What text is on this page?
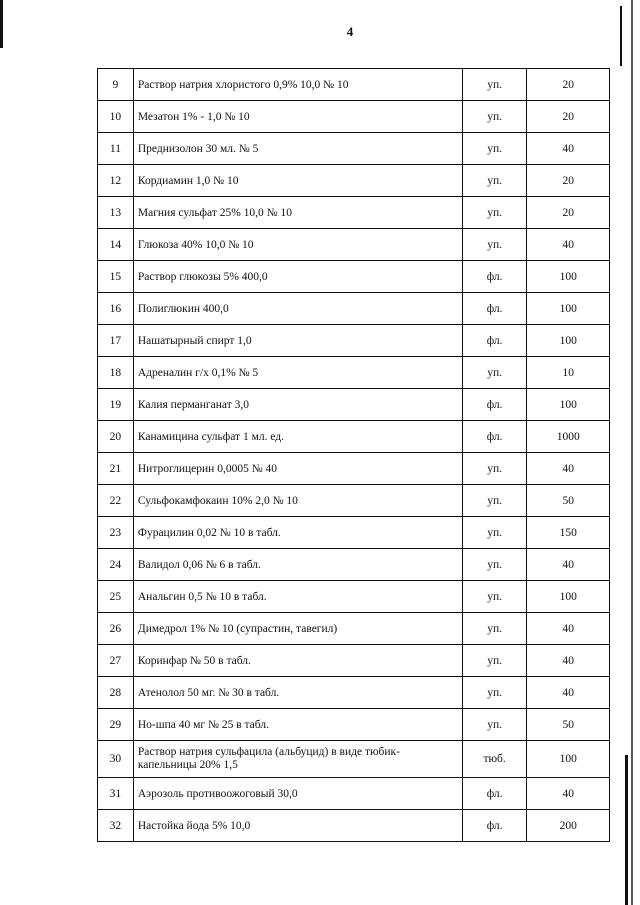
4
9	Раствор натрия хлористого 0,9% 10,0 № 10	уп.	20
10	Мезатон 1% - 1,0 № 10	уп.	20
11	Преднизолон 30 мл. № 5	уп.	40
12	Кордиамин 1,0 № 10	уп.	20
13	Магния сульфат 25% 10,0 № 10	уп.	20
14	Глюкоза 40% 10,0 № 10	уп.	40
15	Раствор глюкозы 5% 400,0	фл.	100
16	Полиглюкин 400,0	фл.	100
17	Нашатырный спирт 1,0	фл.	100
18	Адреналин г/х 0,1% № 5	уп.	10
19	Калия перманганат 3,0	фл.	100
20	Канамицина сульфат 1 мл. ед.	фл.	1000
21	Нитроглицерин 0,0005 № 40	уп.	40
22	Сульфокамфокаин 10% 2,0 № 10	уп.	50
23	Фурацилин 0,02 № 10 в табл.	уп.	150
24	Валидол 0,06 № 6 в табл.	уп.	40
25	Анальгин 0,5 № 10 в табл.	уп.	100
26	Димедрол 1% № 10 (супрастин, тавегил)	уп.	40
27	Коринфар № 50 в табл.	уп.	40
28	Атенолол 50 мг. № 30 в табл.	уп.	40
29	Но-шпа 40 мг № 25 в табл.	уп.	50
30	Раствор натрия сульфацила (альбуцид) в виде тюбик-капельницы 20% 1,5	тюб.	100
31	Аэрозоль противоожоговый 30,0	фл.	40
32	Настойка йода 5% 10,0	фл.	200
